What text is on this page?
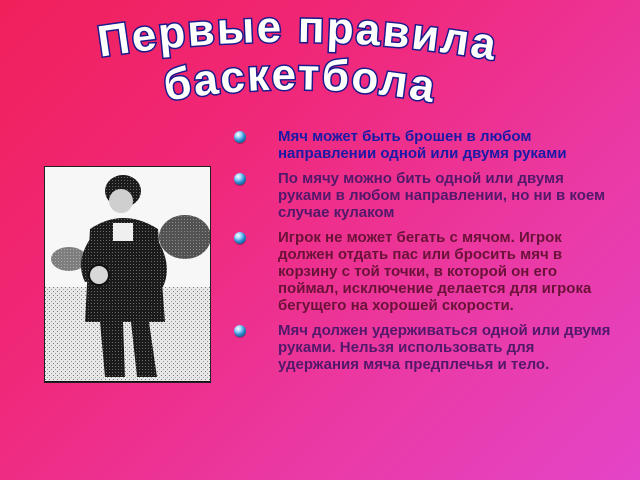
Первые правила
баскетбола
Мяч может быть брошен в любом направлении одной или двумя руками
По мячу можно бить одной или двумя руками в любом направлении, но ни в коем случае кулаком
Игрок не может бегать с мячом. Игрок должен отдать пас или бросить мяч в корзину с той точки, в которой он его поймал, исключение делается для игрока бегущего на хорошей скорости.
Мяч должен удерживаться одной или двумя руками. Нельзя использовать для удержания мяча предплечья и тело.
